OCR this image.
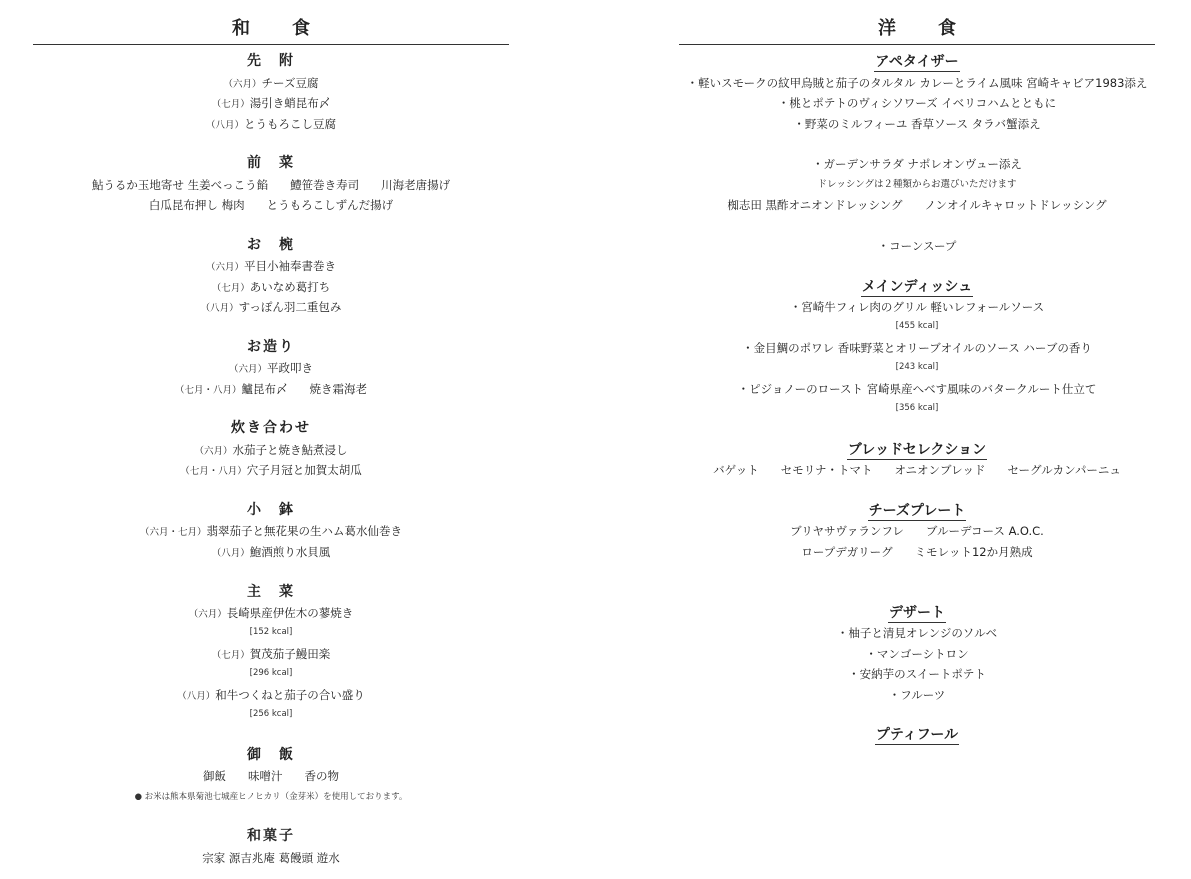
和　食
先　附
（六月）チーズ豆腐
（七月）湯引き蛸昆布〆
（八月）とうもろこし豆腐
前　菜
鮎うるか玉地寄せ 生姜べっこう餡 鱧笹巻き寿司 川海老唐揚げ
白瓜昆布押し 梅肉 とうもろこしずんだ揚げ
お　椀
（六月）平目小袖奉書巻き
（七月）あいなめ葛打ち
（八月）すっぽん羽二重包み
お造り
（六月）平政叩き
（七月・八月）鱸昆布〆 焼き霜海老
炊き合わせ
（六月）水茄子と焼き鮎煮浸し
（七月・八月）穴子月冠と加賀太胡瓜
小　鉢
（六月・七月）翡翠茄子と無花果の生ハム葛水仙巻き
（八月）鮑酒煎り水貝風
主　菜
（六月）長崎県産伊佐木の蓼焼き
[152 kcal]
（七月）賀茂茄子鰻田楽
[296 kcal]
（八月）和牛つくねと茄子の合い盛り
[256 kcal]
御　飯
御飯 味噌汁 香の物
● お米は熊本県菊池七城産ヒノヒカリ（金芽米）を使用しております。
和菓子
宗家 源吉兆庵 葛饅頭 遊水
洋　食
アペタイザー
・軽いスモークの紋甲烏賊と茄子のタルタル カレーとライム風味 宮崎キャビア1983添え
・桃とポテトのヴィシソワーズ イベリコハムとともに
・野菜のミルフィーユ 香草ソース タラバ蟹添え
・ガーデンサラダ ナポレオンヴュー添え
ドレッシングは２種類からお選びいただけます
椥志田 黒酢オニオンドレッシング ノンオイルキャロットドレッシング
・コーンスープ
メインディッシュ
・宮崎牛フィレ肉のグリル 軽いレフォールソース
[455 kcal]
・金目鯛のポワレ 香味野菜とオリーブオイルのソース ハーブの香り
[243 kcal]
・ピジョノーのロースト 宮崎県産へべす風味のバタークルート仕立て
[356 kcal]
ブレッドセレクション
バゲット セモリナ・トマト オニオンブレッド セーグルカンパーニュ
チーズプレート
ブリヤサヴァランフレ ブルーデコース A.O.C.
ロープデガリーグ ミモレット12か月熟成
デザート
・柚子と清見オレンジのソルベ
・マンゴーシトロン
・安納芋のスイートポテト
・フルーツ
プティフール
